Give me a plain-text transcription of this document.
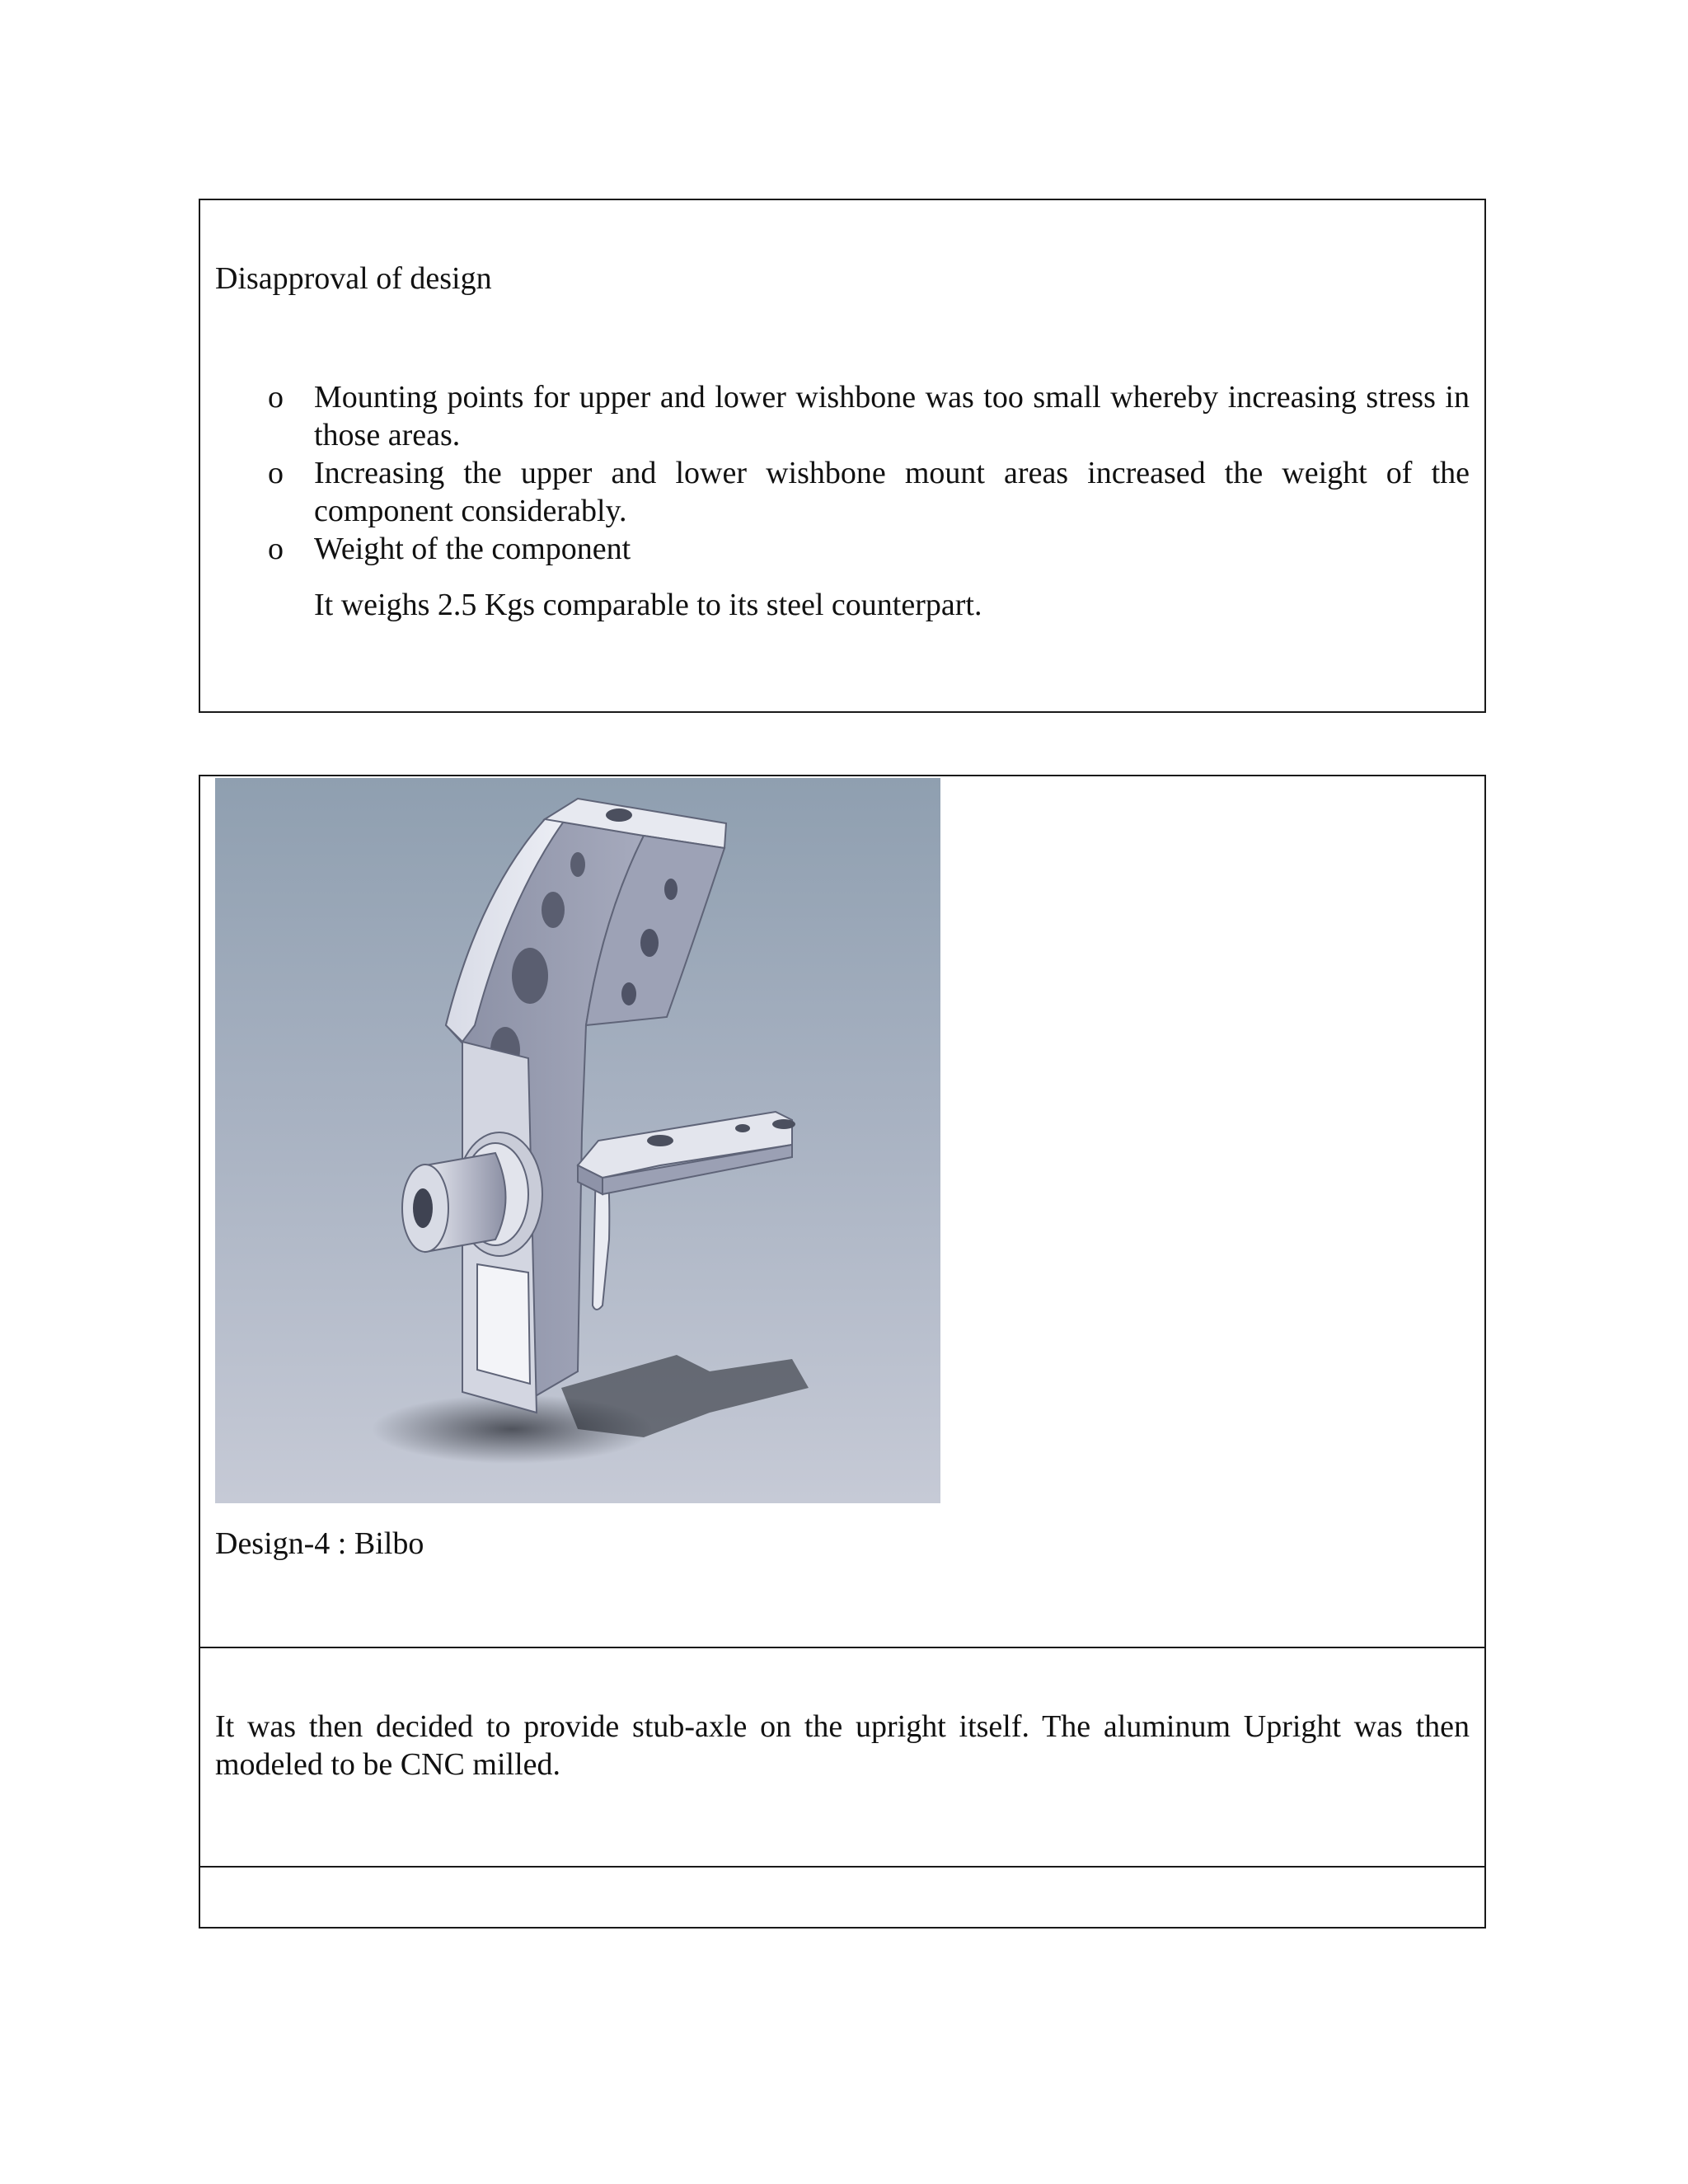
Disapproval of design
o Mounting points for upper and lower wishbone was too small whereby increasing stress in those areas.
o Increasing the upper and lower wishbone mount areas increased the weight of the component considerably.
o Weight of the component
It weighs 2.5 Kgs comparable to its steel counterpart.
Design-4 : Bilbo
It was then decided to provide stub-axle on the upright itself. The aluminum Upright was then modeled to be CNC milled.
